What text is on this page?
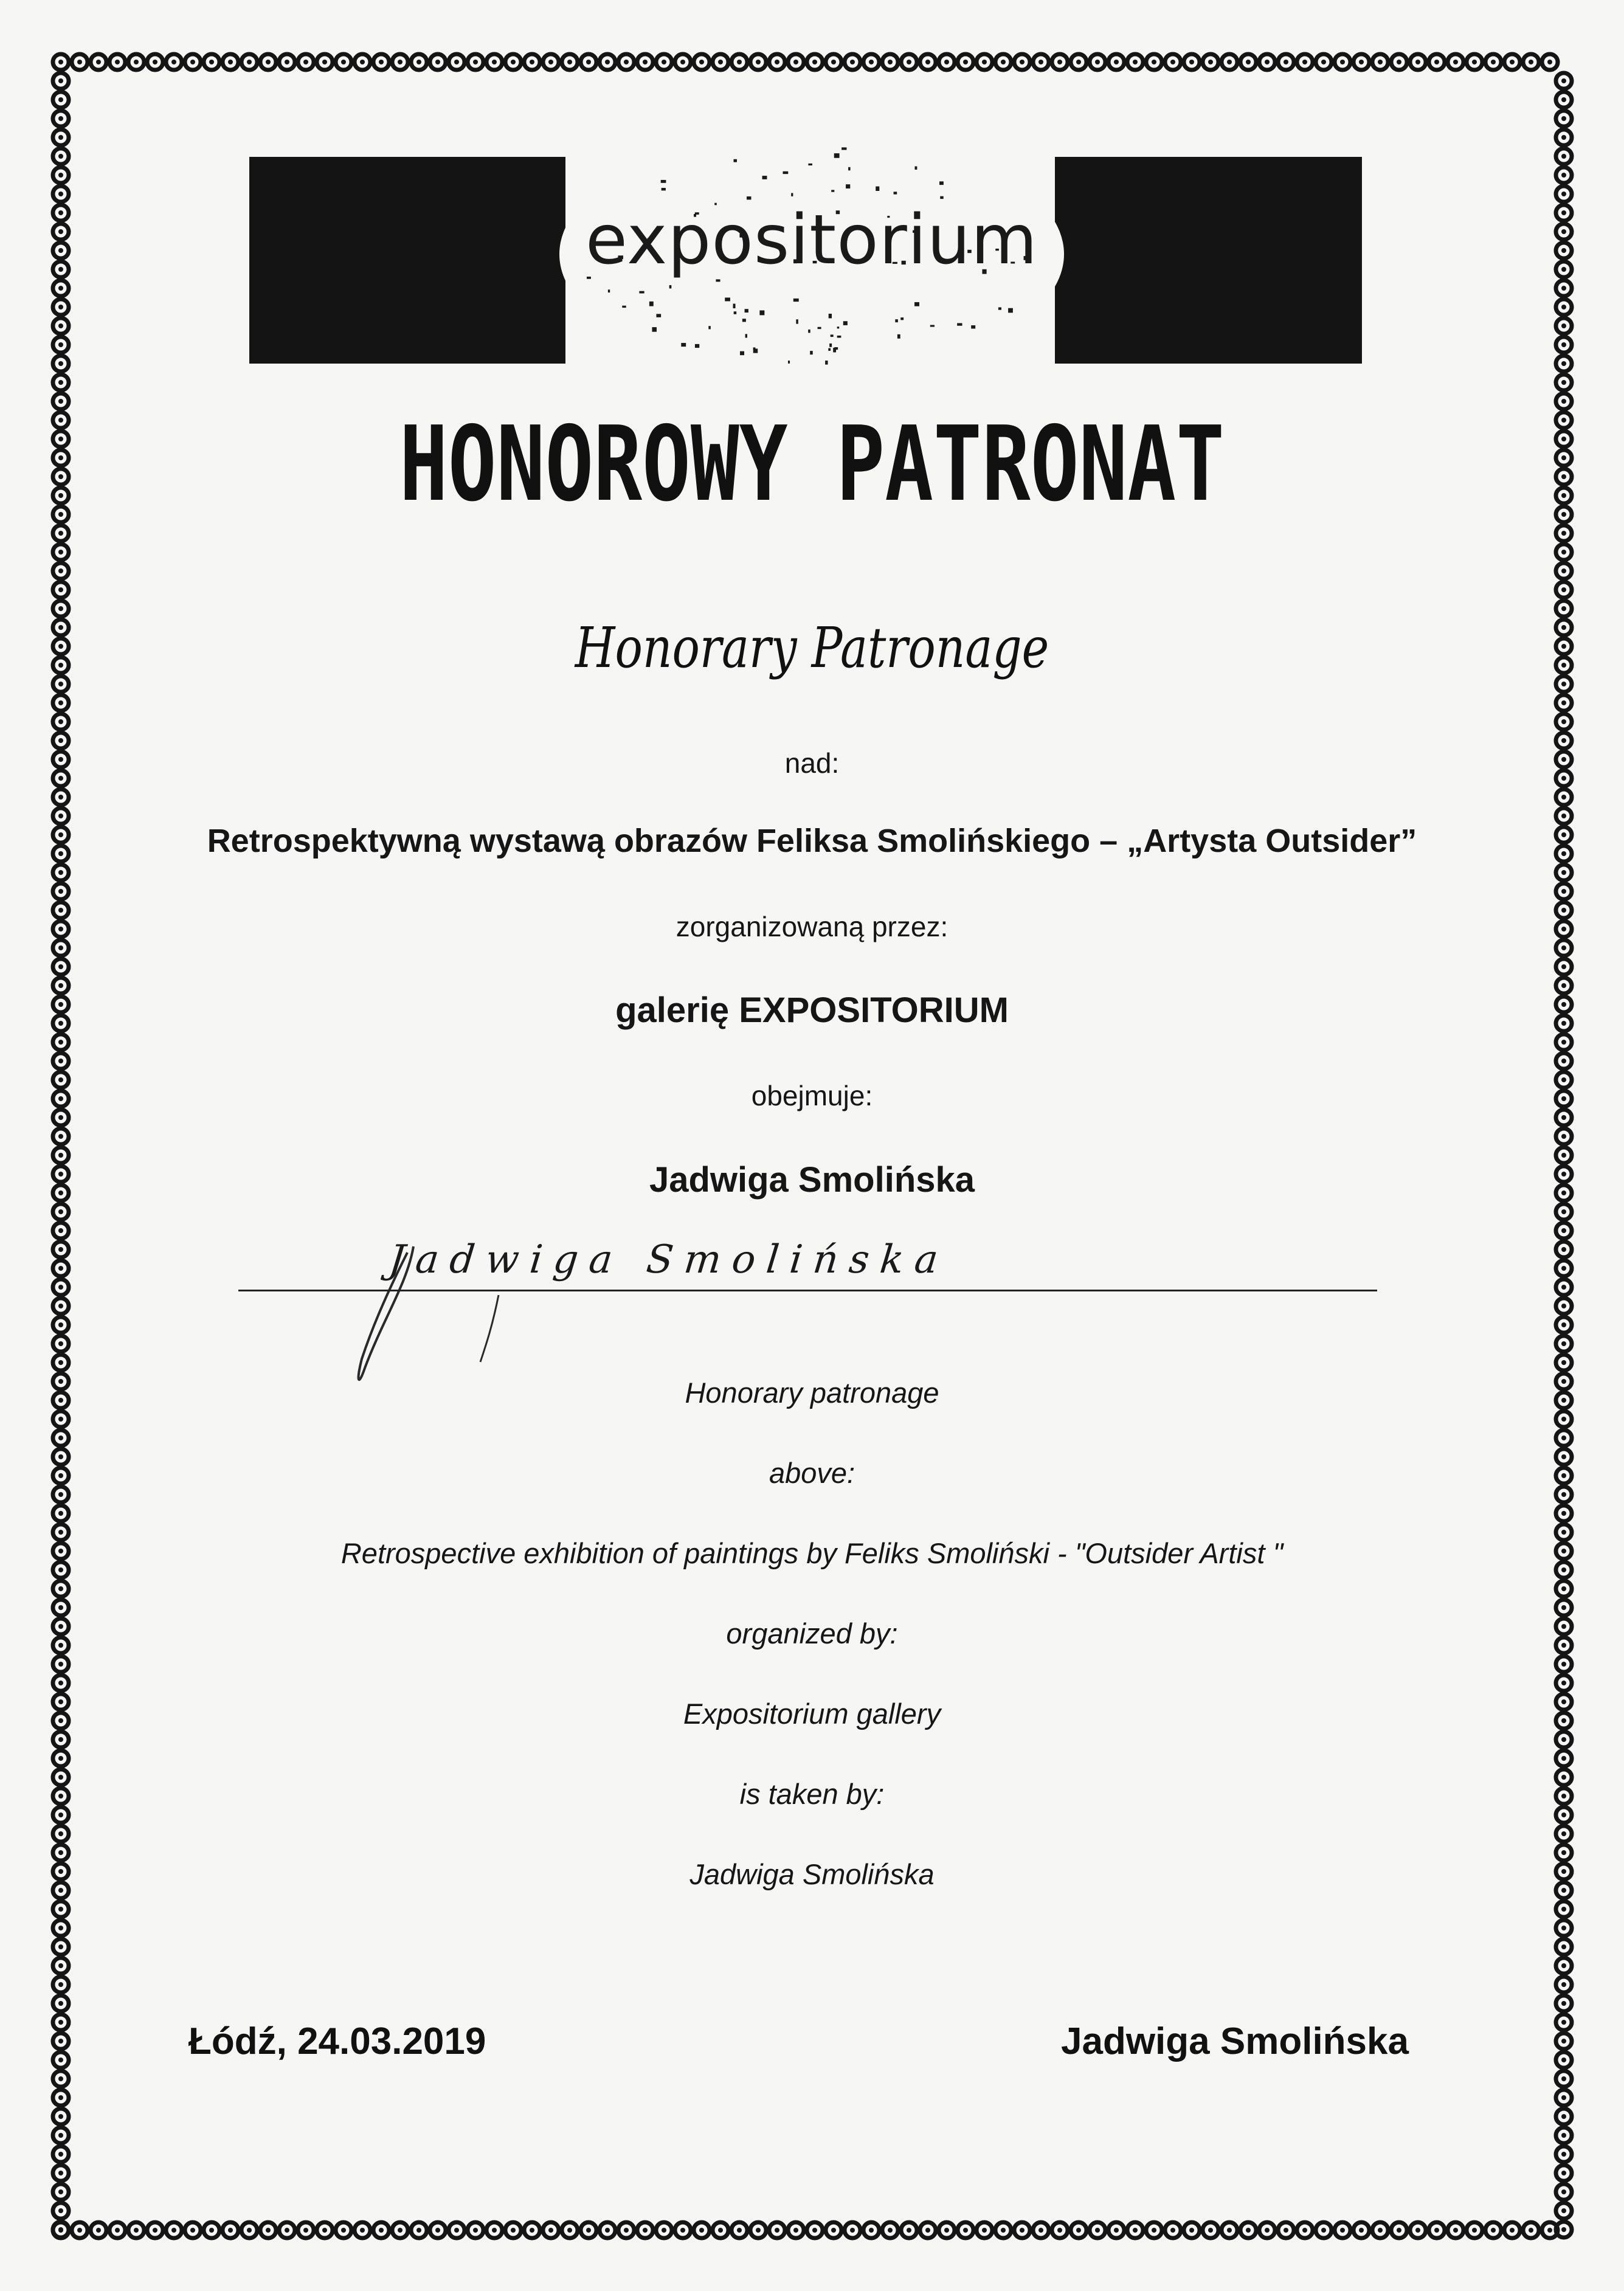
expositorium
HONOROWY PATRONAT
Honorary Patronage
nad:
Retrospektywną wystawą obrazów Feliksa Smolińskiego – „Artysta Outsider”
zorganizowaną przez:
galerię EXPOSITORIUM
obejmuje:
Jadwiga Smolińska
Jadwiga Smolińska
Honorary patronage
above:
Retrospective exhibition of paintings by Feliks Smoliński - "Outsider Artist "
organized by:
Expositorium gallery
is taken by:
Jadwiga Smolińska
Łódź, 24.03.2019	Jadwiga Smolińska
